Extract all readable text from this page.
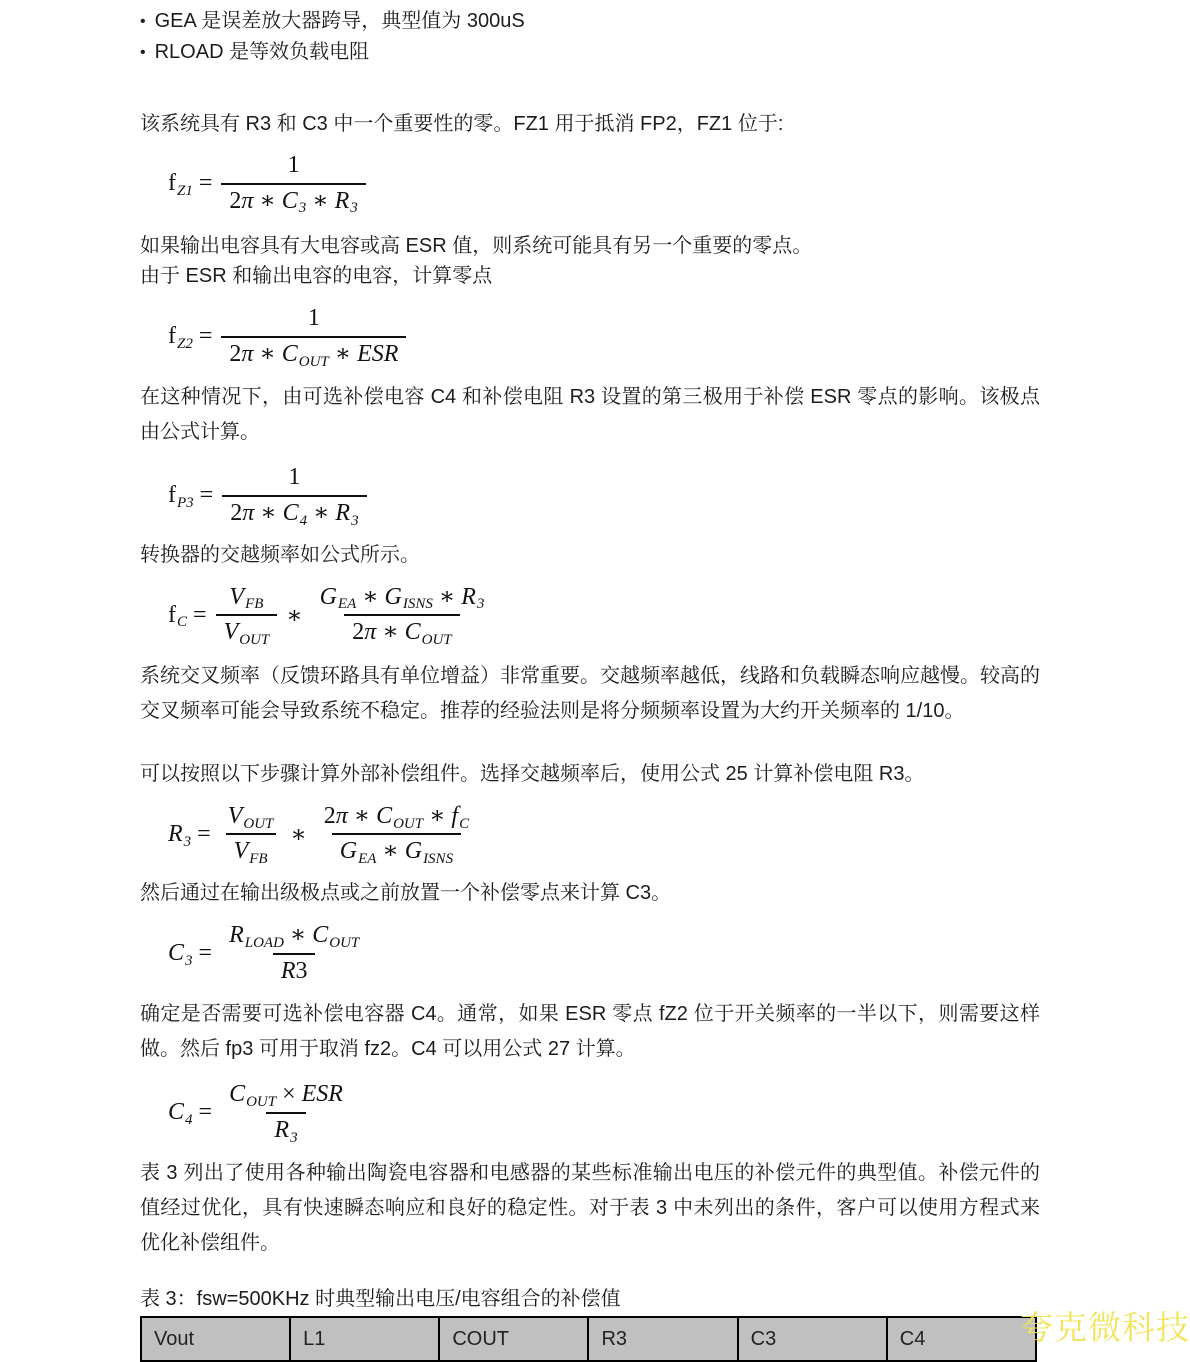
• GEA 是误差放大器跨导，典型值为 300uS
• RLOAD 是等效负载电阻

该系统具有 R3 和 C3 中一个重要性的零。FZ1 用于抵消 FP2，FZ1 位于:

$f_{Z1} = \frac{1}{2\pi ∗ C_3 ∗ R_3}$

如果输出电容具有大电容或高 ESR 值，则系统可能具有另一个重要的零点。

由于 ESR 和输出电容的电容，计算零点

$f_{Z2} = \frac{1}{2\pi ∗ C_{OUT} ∗ ESR}$

在这种情况下，由可选补偿电容 C4 和补偿电阻 R3 设置的第三极用于补偿 ESR 零点的影响。该极点由公式计算。

$f_{P3} = \frac{1}{2\pi ∗ C_4 ∗ R_3}$

转换器的交越频率如公式所示。

$f_C = \frac{V_{FB}}{V_{OUT}}$ ∗ $\frac{G_{EA} ∗ G_{ISNS} ∗ R_3}{2\pi ∗ C_{OUT}}$

系统交叉频率（反馈环路具有单位增益）非常重要。交越频率越低，线路和负载瞬态响应越慢。较高的交叉频率可能会导致系统不稳定。推荐的经验法则是将分频频率设置为大约开关频率的 1/10。

可以按照以下步骤计算外部补偿组件。选择交越频率后，使用公式 25 计算补偿电阻 R3。

$R_3 = \frac{V_{OUT}}{V_{FB}}$ ∗ $\frac{2\pi ∗ C_{OUT} ∗ f_C}{G_{EA} ∗ G_{ISNS}}$

然后通过在输出级极点或之前放置一个补偿零点来计算 C3。

$C_3 = \frac{R_{LOAD} ∗ C_{OUT}}{R3}$

确定是否需要可选补偿电容器 C4。通常，如果 ESR 零点 fZ2 位于开关频率的一半以下，则需要这样做。然后 fp3 可用于取消 fz2。C4 可以用公式 27 计算。

$C_4 = \frac{C_{OUT} \times ESR}{R_3}$

表 3 列出了使用各种输出陶瓷电容器和电感器的某些标准输出电压的补偿元件的典型值。补偿元件的值经过优化，具有快速瞬态响应和良好的稳定性。对于表 3 中未列出的条件，客户可以使用方程式来优化补偿组件。

表 3：fsw=500KHz 时典型输出电压/电容组合的补偿值
Vout	L1	COUT	R3	C3	C4	夸克微科技
